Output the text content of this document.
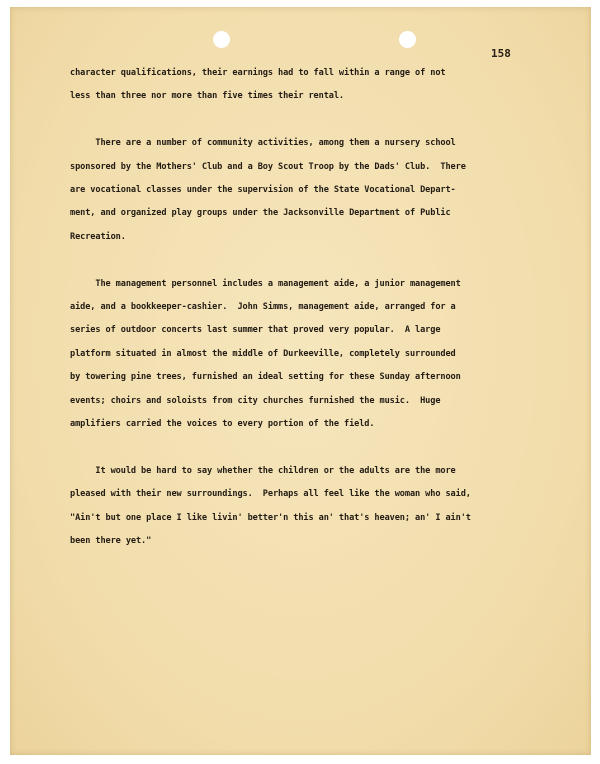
158
character qualifications, their earnings had to fall within a range of not
less than three nor more than five times their rental.
There are a number of community activities, among them a nursery school
sponsored by the Mothers' Club and a Boy Scout Troop by the Dads' Club.  There
are vocational classes under the supervision of the State Vocational Depart-
ment, and organized play groups under the Jacksonville Department of Public
Recreation.
The management personnel includes a management aide, a junior management
aide, and a bookkeeper-cashier.  John Simms, management aide, arranged for a
series of outdoor concerts last summer that proved very popular.  A large
platform situated in almost the middle of Durkeeville, completely surrounded
by towering pine trees, furnished an ideal setting for these Sunday afternoon
events; choirs and soloists from city churches furnished the music.  Huge
amplifiers carried the voices to every portion of the field.
It would be hard to say whether the children or the adults are the more
pleased with their new surroundings.  Perhaps all feel like the woman who said,
"Ain't but one place I like livin' better'n this an' that's heaven; an' I ain't
been there yet."
